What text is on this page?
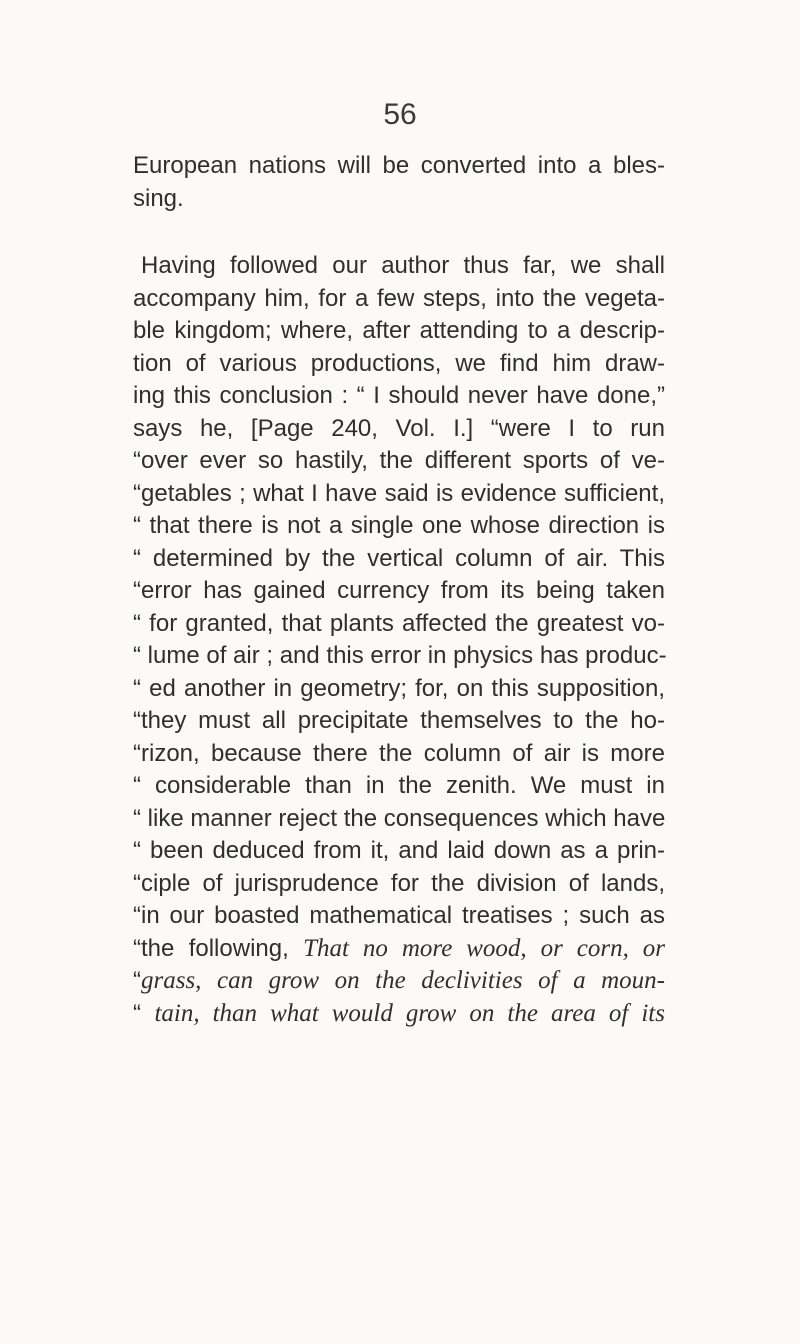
56
European nations will be converted into a bles-
sing.
Having followed our author thus far, we shall
accompany him, for a few steps, into the vegeta-
ble kingdom; where, after attending to a descrip-
tion of various productions, we find him draw-
ing this conclusion : “ I should never have done,”
says he, [Page 240, Vol. I.] “were I to run
“over ever so hastily, the different sports of ve-
“getables ; what I have said is evidence sufficient,
“ that there is not a single one whose direction is
“ determined by the vertical column of air. This
“error has gained currency from its being taken
“ for granted, that plants affected the greatest vo-
“ lume of air ; and this error in physics has produc-
“ ed another in geometry; for, on this supposition,
“they must all precipitate themselves to the ho-
“rizon, because there the column of air is more
“ considerable than in the zenith. We must in
“ like manner reject the consequences which have
“ been deduced from it, and laid down as a prin-
“ciple of jurisprudence for the division of lands,
“in our boasted mathematical treatises ; such as
“the following, That no more wood, or corn, or
“grass, can grow on the declivities of a moun-
“ tain, than what would grow on the area of its
